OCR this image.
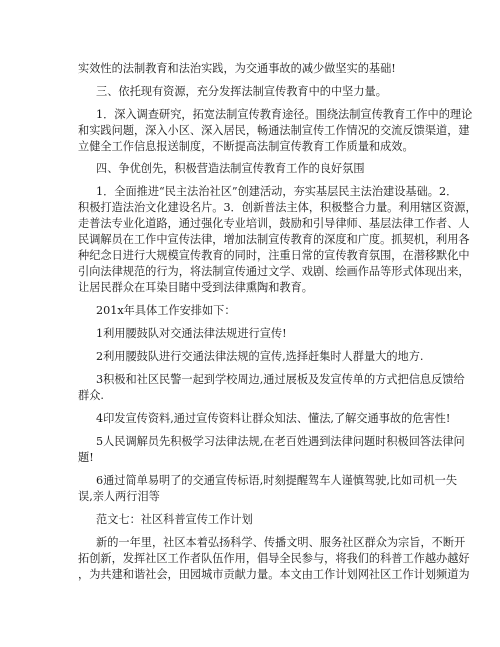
实效性的法制教育和法治实践，为交通事故的减少做坚实的基础!
三、依托现有资源，充分发挥法制宣传教育中的中坚力量。
1．深入调查研究，拓宽法制宣传教育途径。围绕法制宣传教育工作中的理论
和实践问题，深入小区、深入居民，畅通法制宣传工作情况的交流反馈渠道，建
立健全工作信息报送制度，不断提高法制宣传教育工作质量和成效。
四、争优创先，积极营造法制宣传教育工作的良好氛围
1．全面推进“民主法治社区”创建活动，夯实基层民主法治建设基础。2．
积极打造法治文化建设名片。3．创新普法主体，积极整合力量。利用辖区资源，
走普法专业化道路，通过强化专业培训，鼓励和引导律师、基层法律工作者、人
民调解员在工作中宣传法律，增加法制宣传教育的深度和广度。抓契机，利用各
种纪念日进行大规模宣传教育的同时，注重日常的宣传教育氛围，在潜移默化中
引向法律规范的行为，将法制宣传通过文学、戏剧、绘画作品等形式体现出来，
让居民群众在耳染目睹中受到法律熏陶和教育。
201x年具体工作安排如下：
1利用腰鼓队对交通法律法规进行宣传!
2利用腰鼓队进行交通法律法规的宣传,选择赶集时人群量大的地方.
3积极和社区民警一起到学校周边,通过展板及发宣传单的方式把信息反馈给
群众.
4印发宣传资料,通过宣传资料让群众知法、懂法,了解交通事故的危害性!
5人民调解员先积极学习法律法规,在老百姓遇到法律问题时积极回答法律问
题!
6通过简单易明了的交通宣传标语,时刻提醒驾车人谨慎驾驶,比如司机一失
误,亲人两行泪等
范文七：社区科普宣传工作计划
新的一年里，社区本着弘扬科学、传播文明、服务社区群众为宗旨，不断开
拓创新，发挥社区工作者队伍作用，倡导全民参与，将我们的科普工作越办越好
，为共建和谐社会，田园城市贡献力量。本文由工作计划网社区工作计划频道为
